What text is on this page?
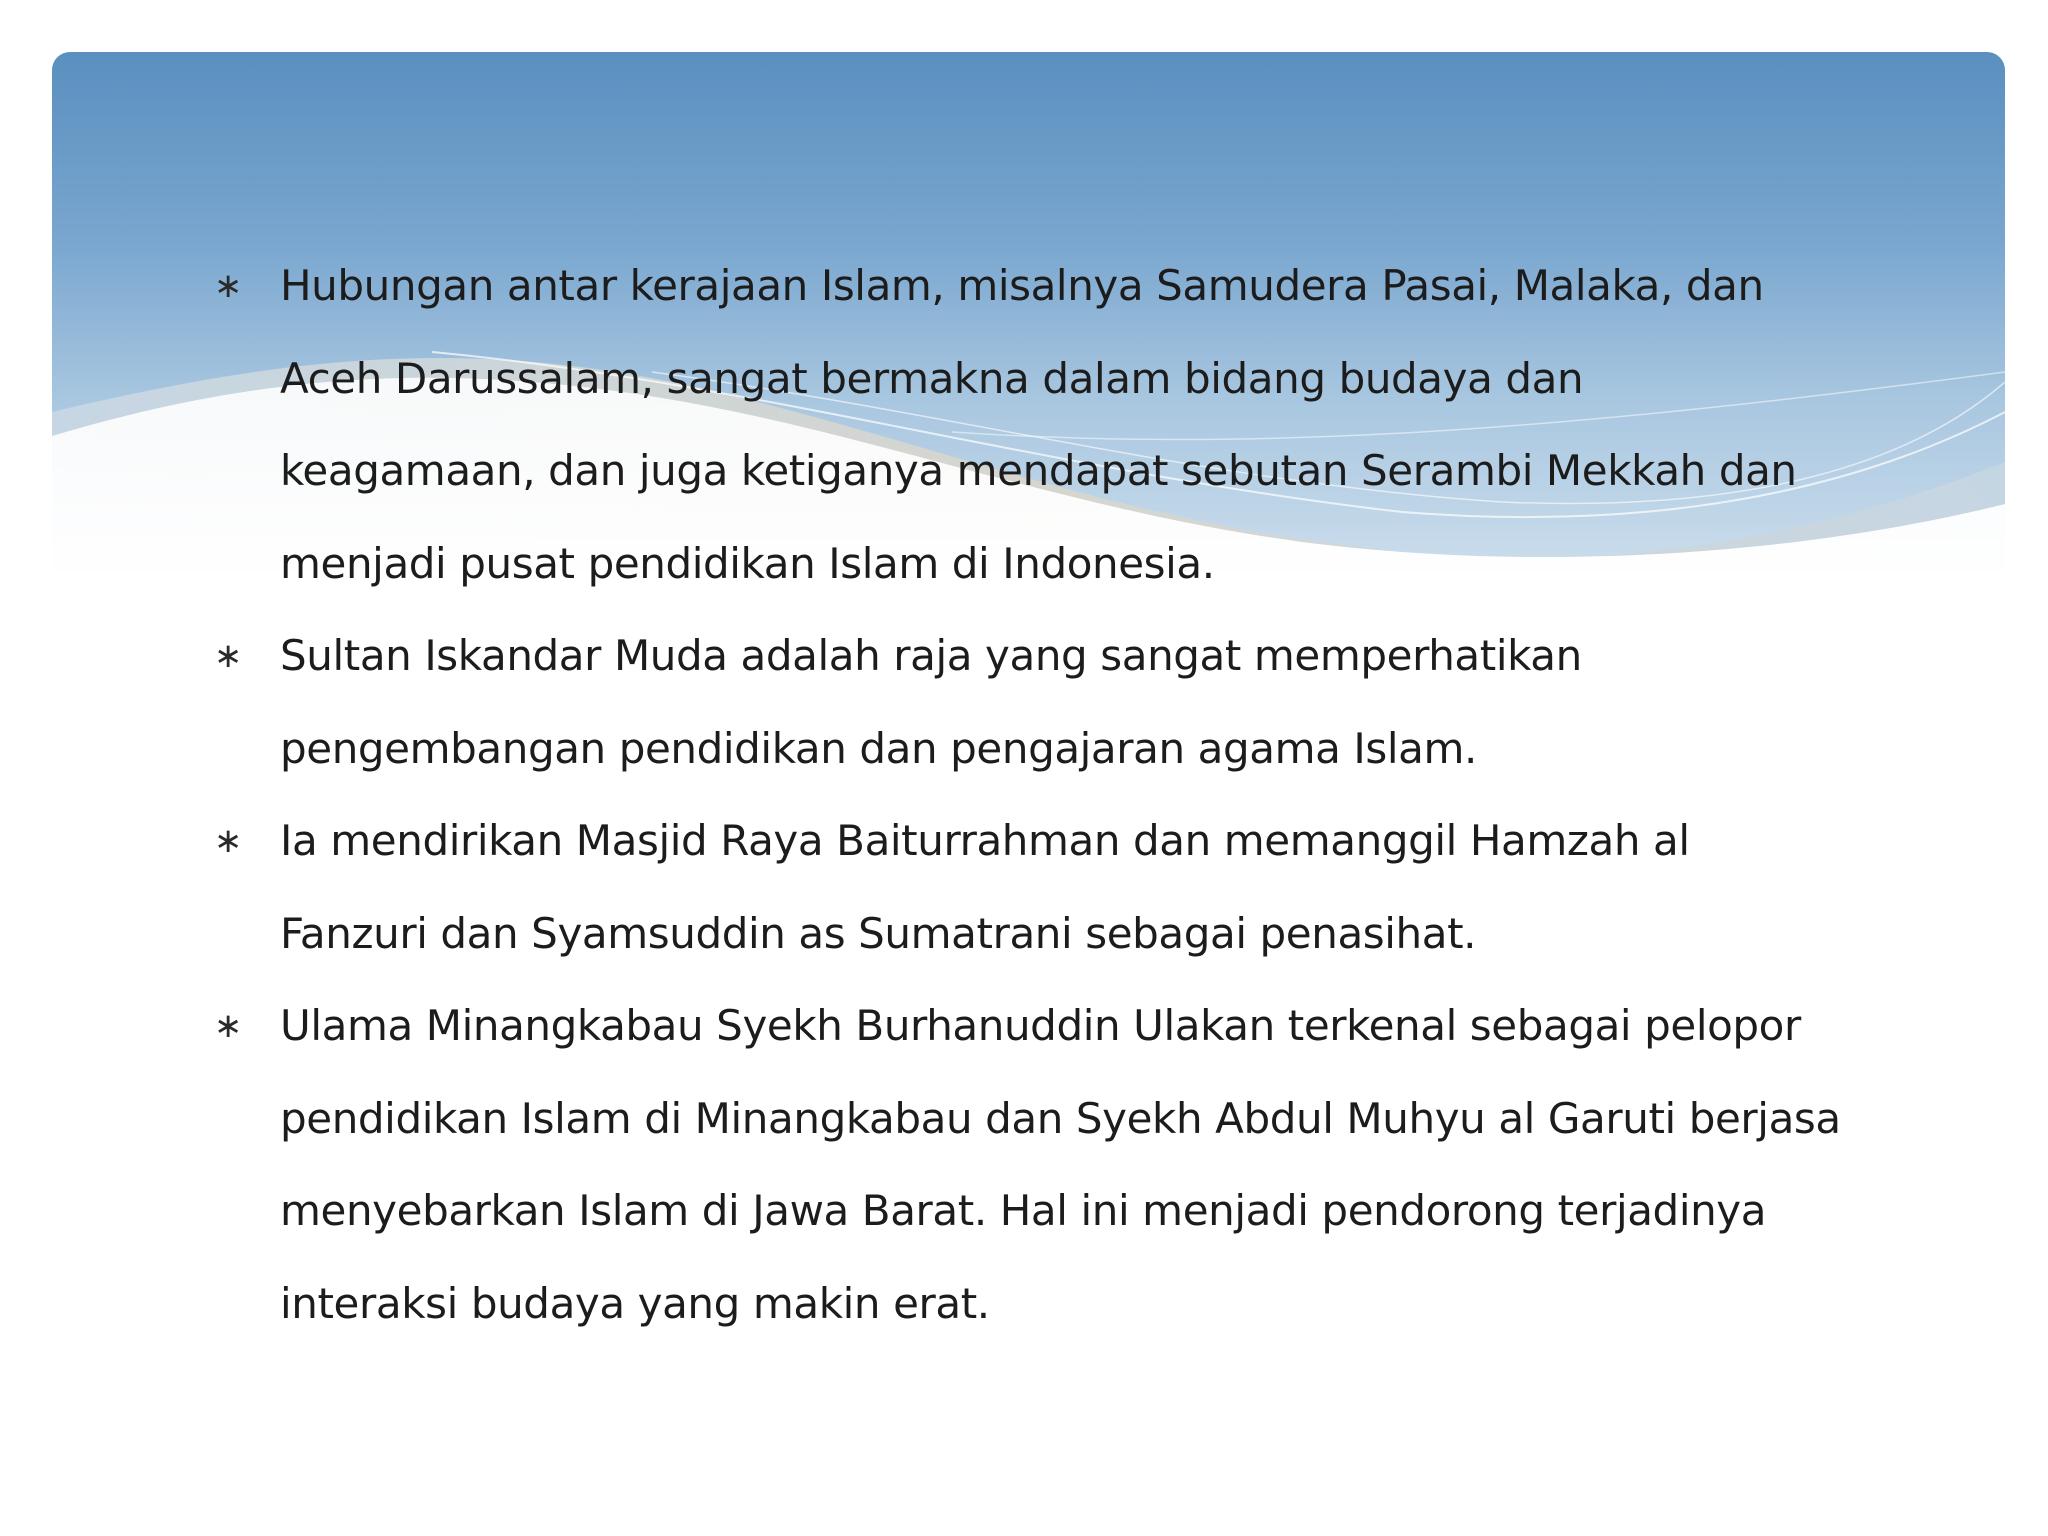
∗ Hubungan antar kerajaan Islam, misalnya Samudera Pasai, Malaka, dan Aceh Darussalam, sangat bermakna dalam bidang budaya dan keagamaan, dan juga ketiganya mendapat sebutan Serambi Mekkah dan menjadi pusat pendidikan Islam di Indonesia.
∗ Sultan Iskandar Muda adalah raja yang sangat memperhatikan pengembangan pendidikan dan pengajaran agama Islam.
∗ Ia mendirikan Masjid Raya Baiturrahman dan memanggil Hamzah al Fanzuri dan Syamsuddin as Sumatrani sebagai penasihat.
∗ Ulama Minangkabau Syekh Burhanuddin Ulakan terkenal sebagai pelopor pendidikan Islam di Minangkabau dan Syekh Abdul Muhyu al Garuti berjasa menyebarkan Islam di Jawa Barat. Hal ini menjadi pendorong terjadinya interaksi budaya yang makin erat.
